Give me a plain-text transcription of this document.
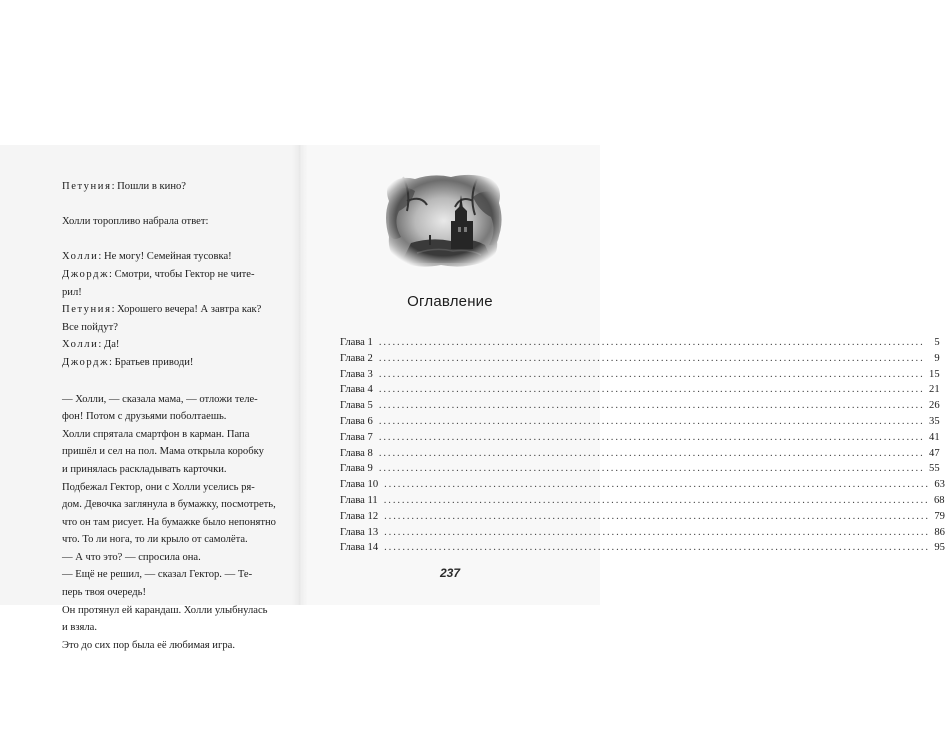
Петуния: Пошли в кино?
Холли торопливо набрала ответ:
Холли: Не могу! Семейная тусовка!
Джордж: Смотри, чтобы Гектор не чите-
рил!
Петуния: Хорошего вечера! А завтра как?
Все пойдут?
Холли: Да!
Джордж: Братьев приводи!
— Холли, — сказала мама, — отложи теле-
фон! Потом с друзьями поболтаешь.
Холли спрятала смартфон в карман. Папа
пришёл и сел на пол. Мама открыла коробку
и принялась раскладывать карточки.
Подбежал Гектор, они с Холли уселись ря-
дом. Девочка заглянула в бумажку, посмотреть,
что он там рисует. На бумажке было непонятно
что. То ли нога, то ли крыло от самолёта.
— А что это? — спросила она.
— Ещё не решил, — сказал Гектор. — Те-
перь твоя очередь!
Он протянул ей карандаш. Холли улыбнулась
и взяла.
Это до сих пор была её любимая игра.
Оглавление
Глава 1 ........................................................................................................................ 5
Глава 2 ........................................................................................................................ 9
Глава 3 ........................................................................................................................ 15
Глава 4 ........................................................................................................................ 21
Глава 5 ........................................................................................................................ 26
Глава 6 ........................................................................................................................ 35
Глава 7 ........................................................................................................................ 41
Глава 8 ........................................................................................................................ 47
Глава 9 ........................................................................................................................ 55
Глава 10 ........................................................................................................................ 63
Глава 11 ........................................................................................................................ 68
Глава 12 ........................................................................................................................ 79
Глава 13 ........................................................................................................................ 86
Глава 14 ........................................................................................................................ 95
237
